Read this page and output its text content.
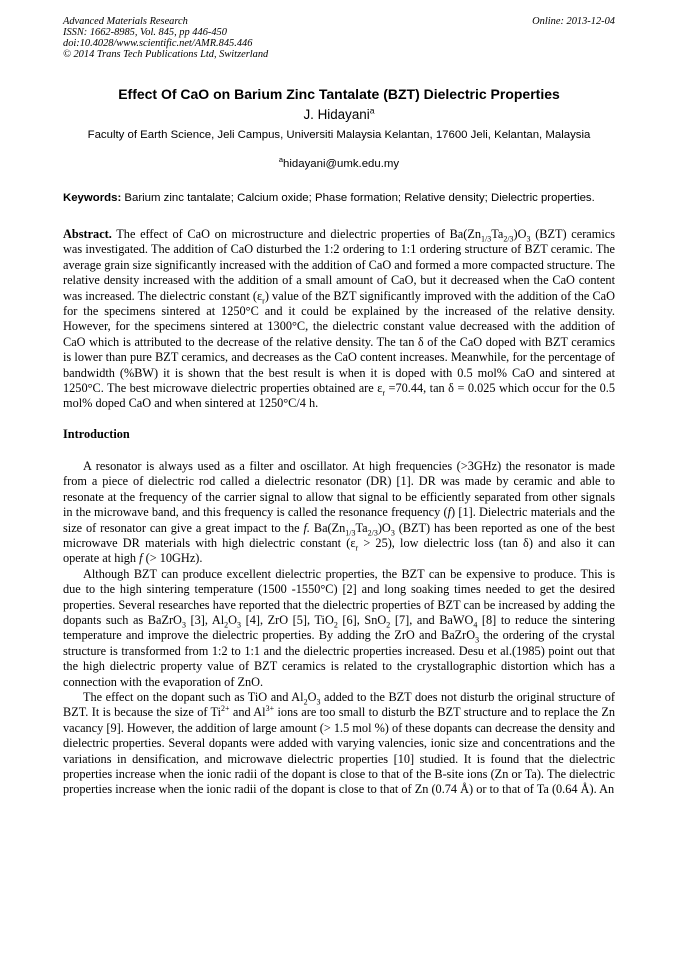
Advanced Materials Research
ISSN: 1662-8985, Vol. 845, pp 446-450
doi:10.4028/www.scientific.net/AMR.845.446
© 2014 Trans Tech Publications Ltd, Switzerland
Online: 2013-12-04
Effect Of CaO on Barium Zinc Tantalate (BZT) Dielectric Properties
J. Hidayani$^a$
Faculty of Earth Science, Jeli Campus, Universiti Malaysia Kelantan, 17600 Jeli, Kelantan, Malaysia
$^a$hidayani@umk.edu.my
Keywords: Barium zinc tantalate; Calcium oxide; Phase formation; Relative density; Dielectric properties.
Abstract. The effect of CaO on microstructure and dielectric properties of $Ba(Zn_{1/3}Ta_{2/3})O_3$ (BZT) ceramics was investigated. The addition of CaO disturbed the 1:2 ordering to 1:1 ordering structure of BZT ceramic. The average grain size significantly increased with the addition of CaO and formed a more compacted structure. The relative density increased with the addition of a small amount of CaO, but it decreased when the CaO content was increased. The dielectric constant $(\varepsilon_r)$ value of the BZT significantly improved with the addition of the CaO for the specimens sintered at 1250°C and it could be explained by the increased of the relative density. However, for the specimens sintered at 1300°C, the dielectric constant value decreased with the addition of CaO which is attributed to the decrease of the relative density. The tan δ of the CaO doped with BZT ceramics is lower than pure BZT ceramics, and decreases as the CaO content increases. Meanwhile, for the percentage of bandwidth (%BW) it is shown that the best result is when it is doped with 0.5 mol% CaO and sintered at 1250°C. The best microwave dielectric properties obtained are $\varepsilon_r =70.44$, tan δ = 0.025 which occur for the 0.5 mol% doped CaO and when sintered at 1250°C/4 h.
Introduction

A resonator is always used as a filter and oscillator. At high frequencies (>3GHz) the resonator is made from a piece of dielectric rod called a dielectric resonator (DR) [1]. DR was made by ceramic and able to resonate at the frequency of the carrier signal to allow that signal to be efficiently separated from other signals in the microwave band, and this frequency is called the resonance frequency (f) [1]. Dielectric materials and the size of resonator can give a great impact to the f. $Ba(Zn_{1/3}Ta_{2/3})O_3$ (BZT) has been reported as one of the best microwave DR materials with high dielectric constant $(\varepsilon_r > 25)$, low dielectric loss (tan δ) and also it can operate at high f (> 10GHz).

Although BZT can produce excellent dielectric properties, the BZT can be expensive to produce. This is due to the high sintering temperature (1500 -1550°C) [2] and long soaking times needed to get the desired properties. Several researches have reported that the dielectric properties of BZT can be increased by adding the dopants such as BaZrO$_3$ [3], $Al_2O_3$ [4], ZrO [5], TiO$_2$ [6], SnO$_2$ [7], and BaWO$_4$ [8] to reduce the sintering temperature and improve the dielectric properties. By adding the ZrO and BaZrO$_3$ the ordering of the crystal structure is transformed from 1:2 to 1:1 and the dielectric properties increased. Desu et al.(1985) point out that the high dielectric property value of BZT ceramics is related to the crystallographic distortion which has a connection with the evaporation of ZnO.

The effect on the dopant such as TiO and $Al_2O_3$ added to the BZT does not disturb the original structure of BZT. It is because the size of $Ti^{2+}$ and $Al^{3+}$ ions are too small to disturb the BZT structure and to replace the Zn vacancy [9]. However, the addition of large amount (> 1.5 mol %) of these dopants can decrease the density and dielectric properties. Several dopants were added with varying valencies, ionic size and concentrations and the variations in densification, and microwave dielectric properties [10] studied. It is found that the dielectric properties increase when the ionic radii of the dopant is close to that of the B-site ions (Zn or Ta). The dielectric properties increase when the ionic radii of the dopant is close to that of Zn (0.74 Å) or to that of Ta (0.64 Å). An
